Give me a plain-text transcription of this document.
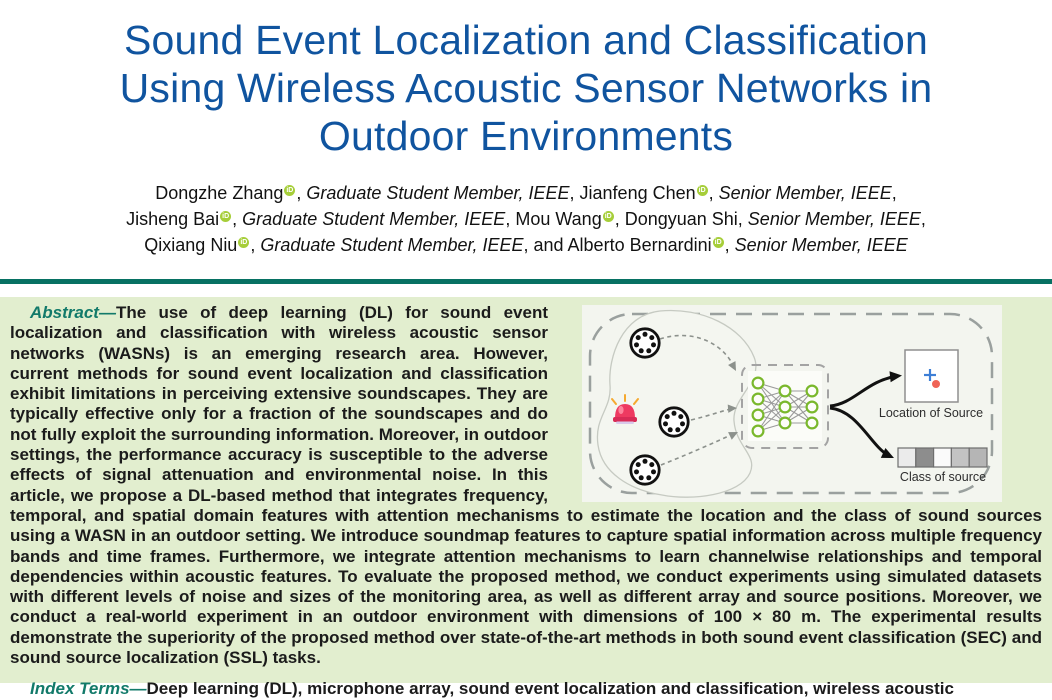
Sound Event Localization and Classification
Using Wireless Acoustic Sensor Networks in
Outdoor Environments
Dongzhe Zhang iD , Graduate Student Member, IEEE, Jianfeng Chen iD , Senior Member, IEEE,
Jisheng Bai iD , Graduate Student Member, IEEE, Mou Wang iD , Dongyuan Shi, Senior Member, IEEE,
Qixiang Niu iD , Graduate Student Member, IEEE, and Alberto Bernardini iD , Senior Member, IEEE
Location of Source
Class of source

Abstract—The use of deep learning (DL) for sound event localization and classification with wireless acoustic sensor networks (WASNs) is an emerging research area. However, current methods for sound event localization and classification exhibit limitations in perceiving extensive soundscapes. They are typically effective only for a fraction of the soundscapes and do not fully exploit the surrounding information. Moreover, in outdoor settings, the performance accuracy is susceptible to the adverse effects of signal attenuation and environmental noise. In this article, we propose a DL-based method that integrates frequency, temporal, and spatial domain features with attention mechanisms to estimate the location and the class of sound sources using a WASN in an outdoor setting. We introduce soundmap features to capture spatial information across multiple frequency bands and time frames. Furthermore, we integrate attention mechanisms to learn channelwise relationships and temporal dependencies within acoustic features. To evaluate the proposed method, we conduct experiments using simulated datasets with different levels of noise and sizes of the monitoring area, as well as different array and source positions. Moreover, we conduct a real-world experiment in an outdoor environment with dimensions of 100 × 80 m. The experimental results demonstrate the superiority of the proposed method over state-of-the-art methods in both sound event classification (SEC) and sound source localization (SSL) tasks.

Index Terms—Deep learning (DL), microphone array, sound event localization and classification, wireless acoustic
